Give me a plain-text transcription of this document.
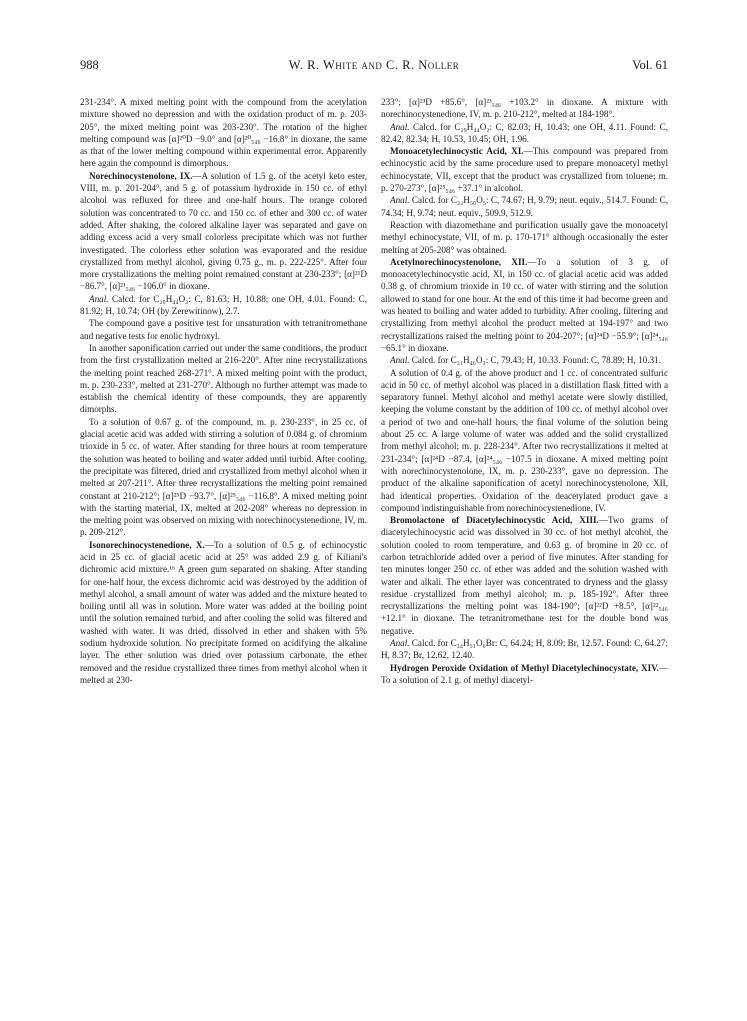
988	W. R. White and C. R. Noller	Vol. 61

231-234°. A mixed melting point with the compound from the acetylation mixture showed no depression and with the oxidation product of m. p. 203-205°, the mixed melting point was 203-230°. The rotation of the higher melting compound was [α]²⁰D −9.0° and [α]²⁰₅₄₆ −16.8° in dioxane, the same as that of the lower melting compound within experimental error. Apparently here again the compound is dimorphous.

Norechinocystenolone, IX.—A solution of 1.5 g. of the acetyl keto ester, VIII, m. p. 201-204°, and 5 g. of potassium hydroxide in 150 cc. of ethyl alcohol was refluxed for three and one-half hours. The orange colored solution was concentrated to 70 cc. and 150 cc. of ether and 300 cc. of water added. After shaking, the colored alkaline layer was separated and gave on adding excess acid a very small colorless precipitate which was not further investigated. The colorless ether solution was evaporated and the residue crystallized from methyl alcohol, giving 0.75 g., m. p. 222-225°. After four more crystallizations the melting point remained constant at 230-233°; [α]²¹D −86.7°, [α]²¹₅₄₆ −106.0° in dioxane.

Anal. Calcd. for C₂₉H₄₄O₂: C, 81.63; H, 10.88; one OH, 4.01. Found: C, 81.92; H, 10.74; OH (by Zerewitinow), 2.7.

The compound gave a positive test for unsaturation with tetranitromethane and negative tests for enolic hydroxyl.

In another saponification carried out under the same conditions, the product from the first crystallization melted at 216-220°. After nine recrystallizations the melting point reached 268-271°. A mixed melting point with the product, m. p. 230-233°, melted at 231-270°. Although no further attempt was made to establish the chemical identity of these compounds, they are apparently dimorphs.

To a solution of 0.67 g. of the compound, m. p. 230-233°, in 25 cc. of glacial acetic acid was added with stirring a solution of 0.084 g. of chromium trioxide in 5 cc. of water. After standing for three hours at room temperature the solution was heated to boiling and water added until turbid. After cooling, the precipitate was filtered, dried and crystallized from methyl alcohol when it melted at 207-211°. After three recrystallizations the melting point remained constant at 210-212°; [α]²⁵D −93.7°, [α]²⁵₅₄₆ −116.8°. A mixed melting point with the starting material, IX, melted at 202-208° whereas no depression in the melting point was observed on mixing with norechinocystenedione, IV, m. p. 209-212°.

Isonorechinocystenedione, X.—To a solution of 0.5 g. of echinocystic acid in 25 cc. of glacial acetic acid at 25° was added 2.9 g. of Kiliani's dichromic acid mixture.¹⁶ A green gum separated on shaking. After standing for one-half hour, the excess dichromic acid was destroyed by the addition of methyl alcohol, a small amount of water was added and the mixture heated to boiling until all was in solution. More water was added at the boiling point until the solution remained turbid, and after cooling the solid was filtered and washed with water. It was dried, dissolved in ether and shaken with 5% sodium hydroxide solution. No precipitate formed on acidifying the alkaline layer. The ether solution was dried over potassium carbonate, the ether removed and the residue crystallized three times from methyl alcohol when it melted at 230-

233°; [α]²³D +85.6°, [α]²³₅₄₆ +103.2° in dioxane. A mixture with norechinocystenedione, IV, m. p. 210-212°, melted at 184-198°.

Anal. Calcd. for C₂₉H₄₄O₂: C, 82.03; H, 10.43; one OH, 4.11. Found: C, 82.42, 82.34; H, 10.53, 10.45; OH, 1.96.

Monoacetylechinocystic Acid, XI.—This compound was prepared from echinocystic acid by the same procedure used to prepare monoacetyl methyl echinocystate, VII, except that the product was crystallized from toluene; m. p. 270-273°, [α]²⁵₅₄₆ +37.1° in alcohol.

Anal. Calcd. for C₃₂H₅₀O₅: C, 74.67; H, 9.79; neut. equiv., 514.7. Found: C, 74.34; H, 9.74; neut. equiv., 509.9, 512.9.

Reaction with diazomethane and purification usually gave the monoacetyl methyl echinocystate, VII, of m. p. 170-171° although occasionally the ester melting at 205-208° was obtained.

Acetylnorechinocystenolone, XII.—To a solution of 3 g. of monoacetylechinocystic acid, XI, in 150 cc. of glacial acetic acid was added 0.38 g. of chromium trioxide in 10 cc. of water with stirring and the solution allowed to stand for one hour. At the end of this time it had become green and was heated to boiling and water added to turbidity. After cooling, filtering and crystallizing from methyl alcohol the product melted at 194-197° and two recrystallizations raised the melting point to 204-207°; [α]²⁴D −55.9°; [α]²⁴₅₄₆ −65.1° in dioxane.

Anal. Calcd. for C₃₁H₄₆O₃: C, 79.43; H, 10.33. Found: C, 78.89; H, 10.31.

A solution of 0.4 g. of the above product and 1 cc. of concentrated sulfuric acid in 50 cc. of methyl alcohol was placed in a distillation flask fitted with a separatory funnel. Methyl alcohol and methyl acetate were slowly distilled, keeping the volume constant by the addition of 100 cc. of methyl alcohol over a period of two and one-half hours, the final volume of the solution being about 25 cc. A large volume of water was added and the solid crystallized from methyl alcohol; m. p. 228-234°. After two recrystallizations it melted at 231-234°; [α]²⁴D −87.4, [α]²⁴₅₄₆ −107.5 in dioxane. A mixed melting point with norechinocystenolone, IX, m. p. 230-233°, gave no depression. The product of the alkaline saponification of acetyl norechinocystenolone, XII, had identical properties. Oxidation of the deacetylated product gave a compound indistinguishable from norechinocystenedione, IV.

Bromolactone of Diacetylechinocystic Acid, XIII.—Two grams of diacetylechinocystic acid was dissolved in 30 cc. of hot methyl alcohol, the solution cooled to room temperature, and 0.63 g. of bromine in 20 cc. of carbon tetrachloride added over a period of five minutes. After standing for ten minutes longer 250 cc. of ether was added and the solution washed with water and alkali. The ether layer was concentrated to dryness and the glassy residue crystallized from methyl alcohol; m. p. 185-192°. After three recrystallizations the melting point was 184-190°; [α]²²D +8.5°, [α]²²₅₄₆ +12.1° in dioxane. The tetranitromethane test for the double bond was negative.

Anal. Calcd. for C₃₄H₅₁O₆Br: C, 64.24; H, 8.09; Br, 12.57. Found: C, 64.27; H, 8.37; Br, 12.62, 12.40.

Hydrogen Peroxide Oxidation of Methyl Diacetylechinocystate, XIV.—To a solution of 2.1 g. of methyl diacetyl-
